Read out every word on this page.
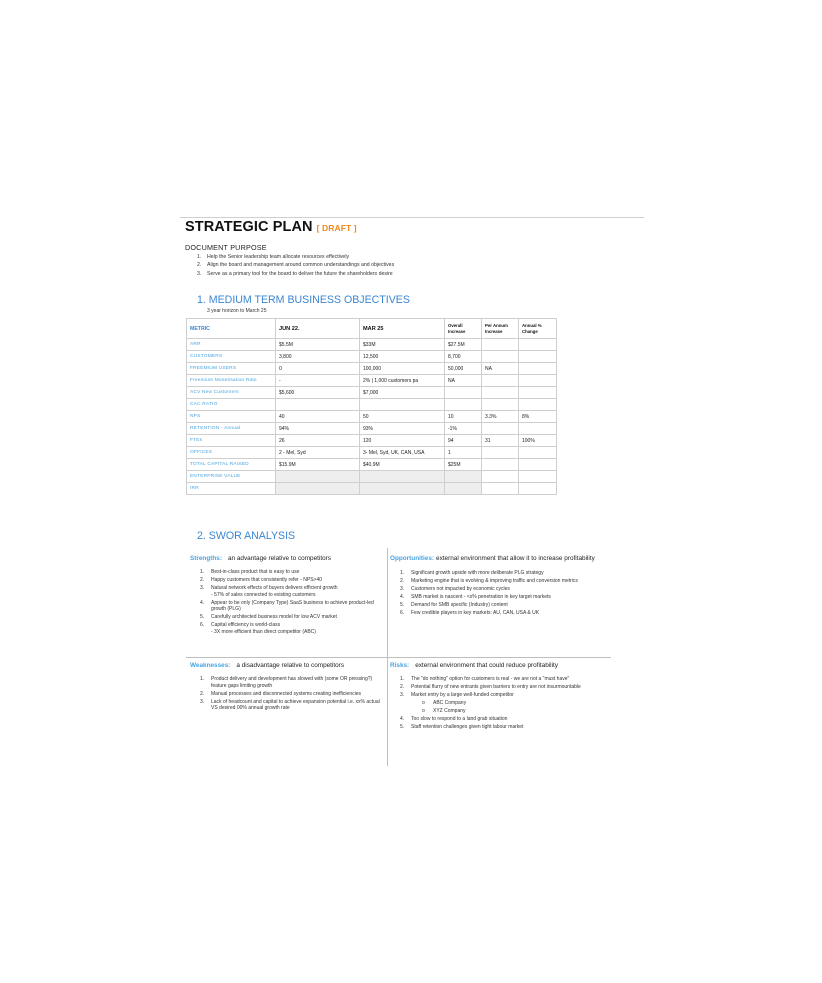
STRATEGIC PLAN [ DRAFT ]
DOCUMENT PURPOSE
1. Help the Senior leadership team allocate resources effectively
2. Align the board and management around common understandings and objectives
3. Serve as a primary tool for the board to deliver the future the shareholders desire
1. MEDIUM TERM BUSINESS OBJECTIVES
3 year horizon to March 25
METRIC	JUN 22.	MAR 25	Overall Increase	Per Annum Increase	Annual % Change
ARR	$5.5M	$33M	$27.5M		
CUSTOMERS	3,800	12,500	8,700		
FREEMIUM USERS	0	100,000	50,000	NA	
Freemium Monetisation Rate	-	2% | 1,000 customers pa	NA		
ACV New Customers	$5,600	$7,000			
CAC RATIO					
NPS	40	50	10	3.3%	8%
RETENTION - Annual	94%	93%	-1%		
FTEs	26	120	94	31	100%
OFFICES	2 - Mel, Syd	3- Mel, Syd, UK, CAN, USA	1		
TOTAL CAPITAL RAISED	$15.9M	$40.9M	$25M		
ENTERPRISE VALUE					
IRR					
2. SWOR ANALYSIS
Strengths: an advantage relative to competitors
1. Best-in-class product that is easy to use
2. Happy customers that consistently refer - NPS>40
3. Natural network effects of buyers delivers efficient growth
- 57% of sales connected to existing customers
4. Appear to be only (Company Type) SaaS business to achieve product-led growth (PLG)
5. Carefully architected business model for low ACV market
6. Capital efficiency is world-class
- 3X more efficient than direct competitor (ABC)
Opportunities: external environment that allow it to increase profitability
1. Significant growth upside with more deliberate PLG strategy
2. Marketing engine that is evolving & improving traffic and conversion metrics
3. Customers not impacted by economic cycles
4. SMB market is nascent - <x% penetration in key target markets
5. Demand for SMB specific (Industry) content
6. Few credible players in key markets: AU, CAN, USA & UK
Weaknesses: a disadvantage relative to competitors
1. Product delivery and development has slowed with (some OR pressing?) feature gaps limiting growth
2. Manual processes and disconnected systems creating inefficiencies
3. Lack of headcount and capital to achieve expansion potential i.e. xx% actual VS desired 00% annual growth rate
Risks: external environment that could reduce profitability
1. The "do nothing" option for customers is real - we are not a "must have"
2. Potential flurry of new entrants given barriers to entry are not insurmountable
3. Market entry by a large well-funded competitor
o ABC Company
o XYZ Company
4. Too slow to respond to a land grab situation
5. Staff retention challenges given tight labour market
